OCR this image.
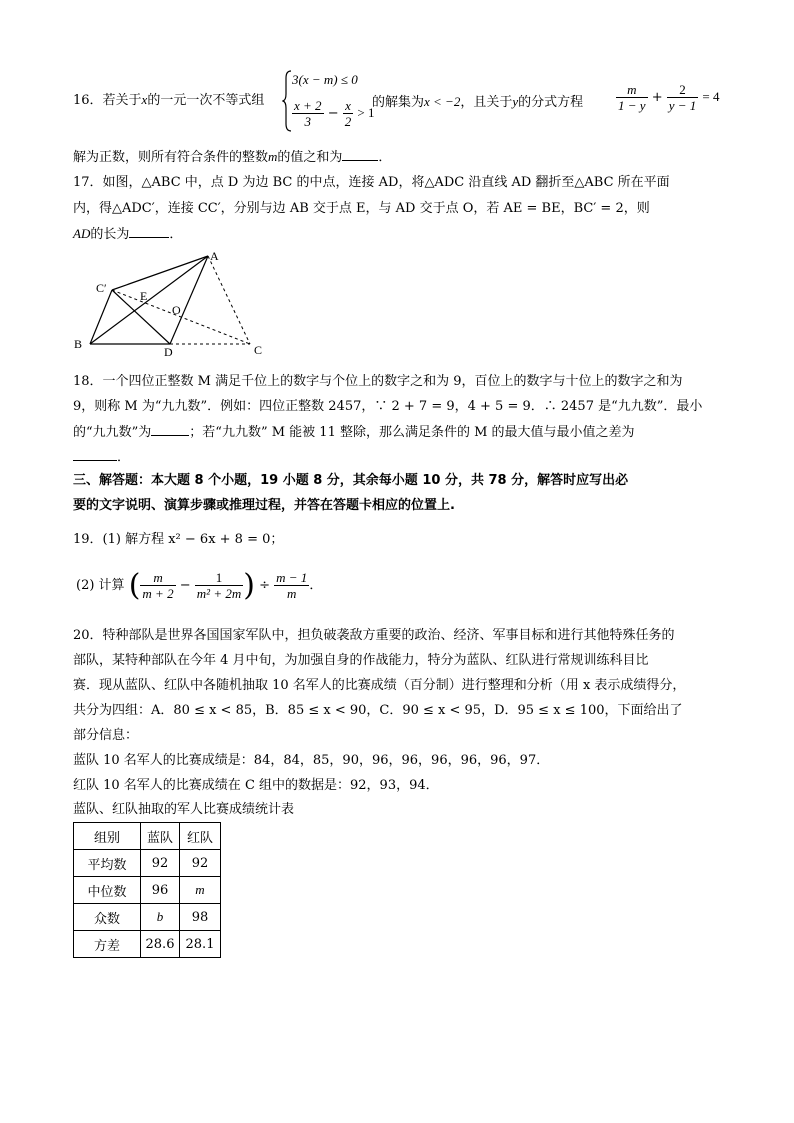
16．若关于x的一元一次不等式组
3(x − m) ≤ 0
$\frac{x + 2}{3} - \frac{x}{2} > 1$
的解集为x < −2，且关于y的分式方程	$\frac{m}{1 - y} + \frac{2}{y - 1} = 4$
解为正数，则所有符合条件的整数m的值之和为	．
17．如图，△ABC 中，点 D 为边 BC 的中点，连接 AD，将△ADC 沿直线 AD 翻折至△ABC 所在平面
内，得△ADC′，连接 CC′，分别与边 AB 交于点 E，与 AD 交于点 O，若 AE = BE，BC′ = 2，则
AD的长为	．
A
B	C
C′
D
E
O
18．一个四位正整数 M 满足千位上的数字与个位上的数字之和为 9，百位上的数字与十位上的数字之和为
9，则称 M 为“九九数”．例如：四位正整数 2457，∵ 2 + 7 = 9，4 + 5 = 9．∴ 2457 是“九九数”．最小
的“九九数”为	；若“九九数” M 能被 11 整除，那么满足条件的 M 的最大值与最小值之差为
．
三、解答题：本大题 8 个小题，19 小题 8 分，其余每小题 10 分，共 78 分，解答时应写出必
要的文字说明、演算步骤或推理过程，并答在答题卡相应的位置上.
19．(1) 解方程 x² − 6x + 8 = 0；
(2) 计算 ( $\frac{m}{m + 2} - \frac{1}{\text{m² + 2m}}$ ) ÷ $\frac{m - 1}{m}$ ．
20．特种部队是世界各国国家军队中，担负破袭敌方重要的政治、经济、军事目标和进行其他特殊任务的
部队，某特种部队在今年 4 月中旬，为加强自身的作战能力，特分为蓝队、红队进行常规训练科目比
赛．现从蓝队、红队中各随机抽取 10 名军人的比赛成绩（百分制）进行整理和分析（用 x 表示成绩得分，
共分为四组：A．80 ≤ x < 85，B．85 ≤ x < 90，C．90 ≤ x < 95，D．95 ≤ x ≤ 100，下面给出了
部分信息：
蓝队 10 名军人的比赛成绩是：84，84，85，90，96，96，96，96，96，97．
红队 10 名军人的比赛成绩在 C 组中的数据是：92，93，94．
蓝队、红队抽取的军人比赛成绩统计表
组别	蓝队	红队
平均数	92	92
中位数	96	m
众数	b	98
方差	28.6	28.1
